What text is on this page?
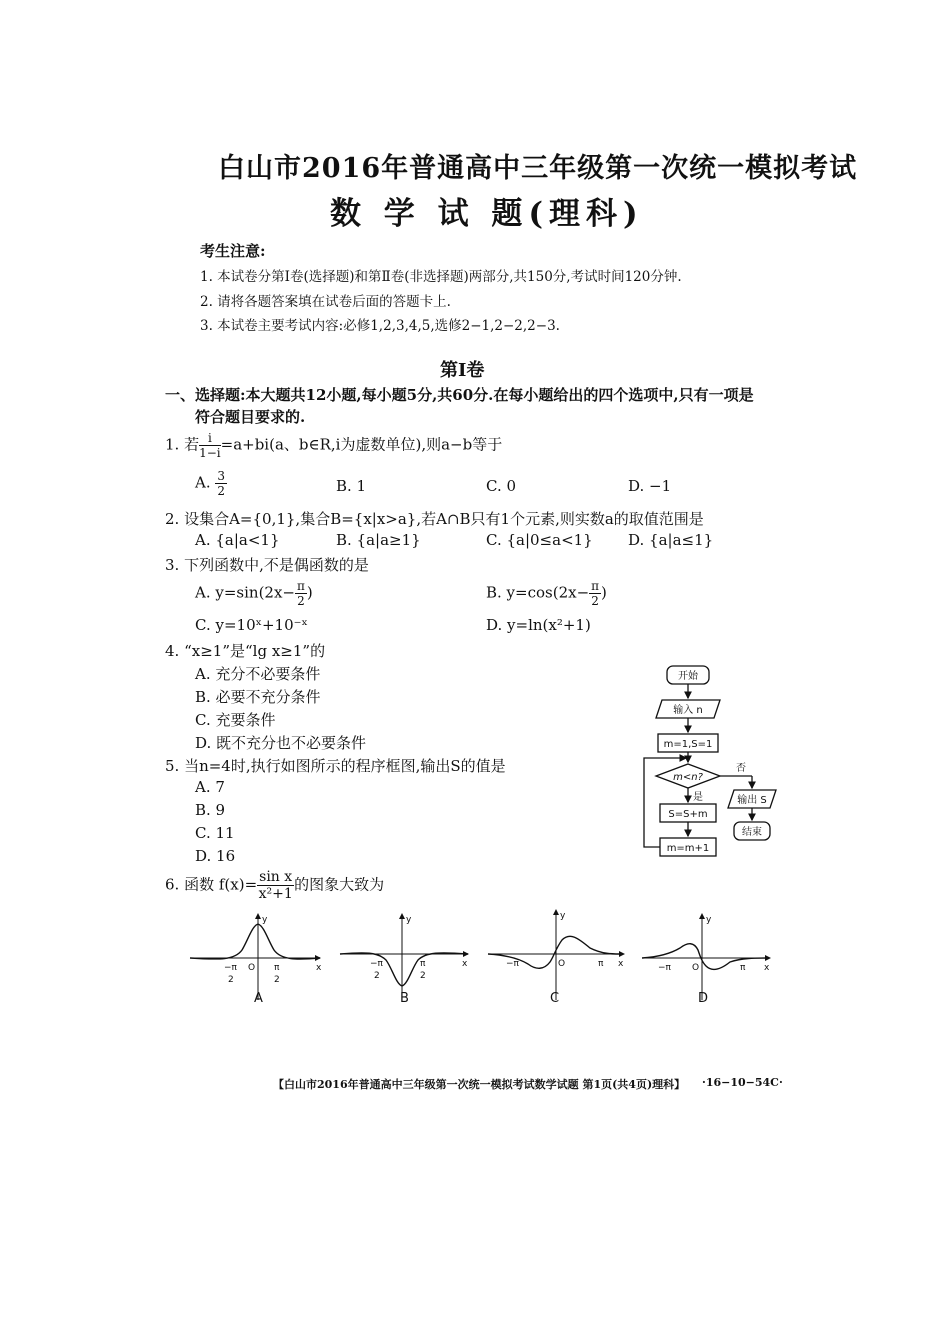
白山市2016年普通高中三年级第一次统一模拟考试
数 学 试 题(理科)
考生注意:
1. 本试卷分第Ⅰ卷(选择题)和第Ⅱ卷(非选择题)两部分,共150分,考试时间120分钟.
2. 请将各题答案填在试卷后面的答题卡上.
3. 本试卷主要考试内容:必修1,2,3,4,5,选修2−1,2−2,2−3.
第Ⅰ卷
一、选择题:本大题共12小题,每小题5分,共60分.在每小题给出的四个选项中,只有一项是
符合题目要求的.
1. 若 $\frac{i}{1-i} =a+bi(a$、b∈R,i为虚数单位),则a−b等于
A. $\frac{3}{2}$	B. 1	C. 0	D. −1
2. 设集合A={0,1},集合B={x|x>a},若A∩B只有1个元素,则实数a的取值范围是
A. {a|a<1}	B. {a|a≥1}	C. {a|0≤a<1} D. {a|a≤1}
3. 下列函数中,不是偶函数的是
A. $y=\sin(2x- \frac{\pi}{2}$ )	B. $y=\cos(2x- \frac{\pi}{2}$ )
C. y=10ˣ+10⁻ˣ	D. y=ln(x²+1)
4. “x≥1”是“lg x≥1”的
A. 充分不必要条件
B. 必要不充分条件
C. 充要条件
D. 既不充分也不必要条件
5. 当n=4时,执行如图所示的程序框图,输出S的值是
A. 7
B. 9
C. 11
D. 16
开始
输入 n
m=1,S=1
m<n?
否
是	输出 S
结束
S=S+m
m=m+1
6. 函数 $f(x)= \frac{\text{sin x}}{\text{x²+1}}$ 的图象大致为
x
y
O
−π
2
π
2
A
x
y
−π
2
π
2
B
x
y
O
−π	π
C
x
y
O
−π	π
D
【白山市2016年普通高中三年级第一次统一模拟考试数学试题 第1页(共4页)理科】 ·16−10−54C·
